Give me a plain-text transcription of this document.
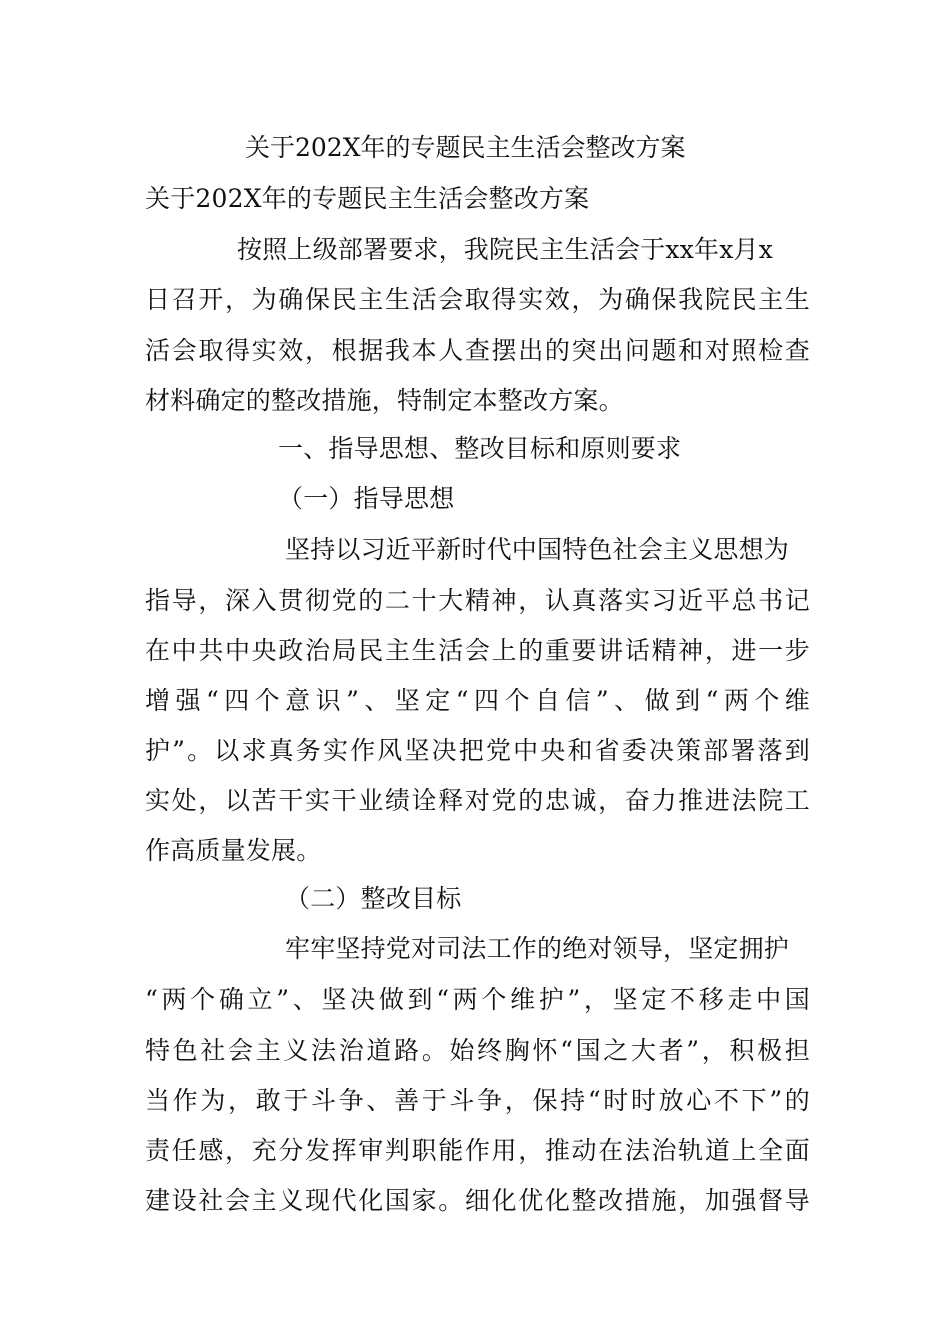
关于202X年的专题民主生活会整改方案
关于202X年的专题民主生活会整改方案
按照上级部署要求，我院民主生活会于xx年x月x
日召开，为确保民主生活会取得实效，为确保我院民主生
活会取得实效，根据我本人查摆出的突出问题和对照检查
材料确定的整改措施，特制定本整改方案。
一、指导思想、整改目标和原则要求
（一）指导思想
坚持以习近平新时代中国特色社会主义思想为
指导，深入贯彻党的二十大精神，认真落实习近平总书记
在中共中央政治局民主生活会上的重要讲话精神，进一步
增强“四个意识”、坚定“四个自信”、做到“两个维
护”。以求真务实作风坚决把党中央和省委决策部署落到
实处，以苦干实干业绩诠释对党的忠诚，奋力推进法院工
作高质量发展。
（二）整改目标
牢牢坚持党对司法工作的绝对领导，坚定拥护
“两个确立”、坚决做到“两个维护”，坚定不移走中国
特色社会主义法治道路。始终胸怀“国之大者”，积极担
当作为，敢于斗争、善于斗争，保持“时时放心不下”的
责任感，充分发挥审判职能作用，推动在法治轨道上全面
建设社会主义现代化国家。细化优化整改措施，加强督导
